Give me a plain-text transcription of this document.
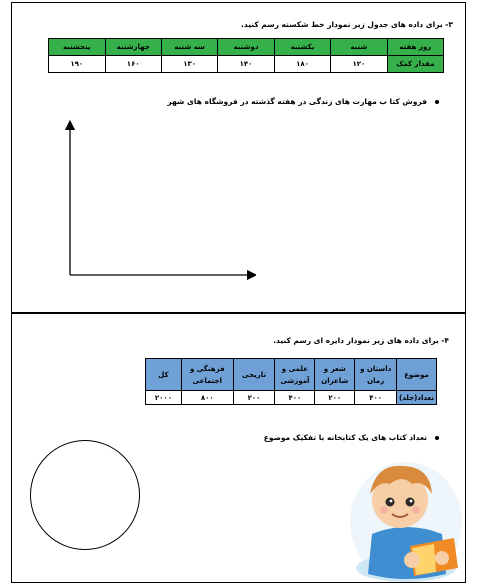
۳- برای داده های جدول زیر نمودار خط شکسته رسم کنید.
روز هفته	شنبه	یکشنبه	دوشنبه	سه شنبه	چهارشنبه	پنجشنبه
مقدار کمک	۱۲۰	۱۸۰	۱۴۰	۱۳۰	۱۶۰	۱۹۰
فروش کتا ب مهارت های زندگی در هفته گذشته در فروشگاه های شهر
۴- برای داده های زیر نمودار دایره ای رسم کنید.
موضوع	داستان و رمان	شعر و شاعران	علمی و آموزشی	تاریخی	فرهنگی و اجتماعی	کل
تعداد(جلد)	۴۰۰	۲۰۰	۴۰۰	۲۰۰	۸۰۰	۲۰۰۰
تعداد کتاب های یک کتابخانه با تفکیک موضوع
